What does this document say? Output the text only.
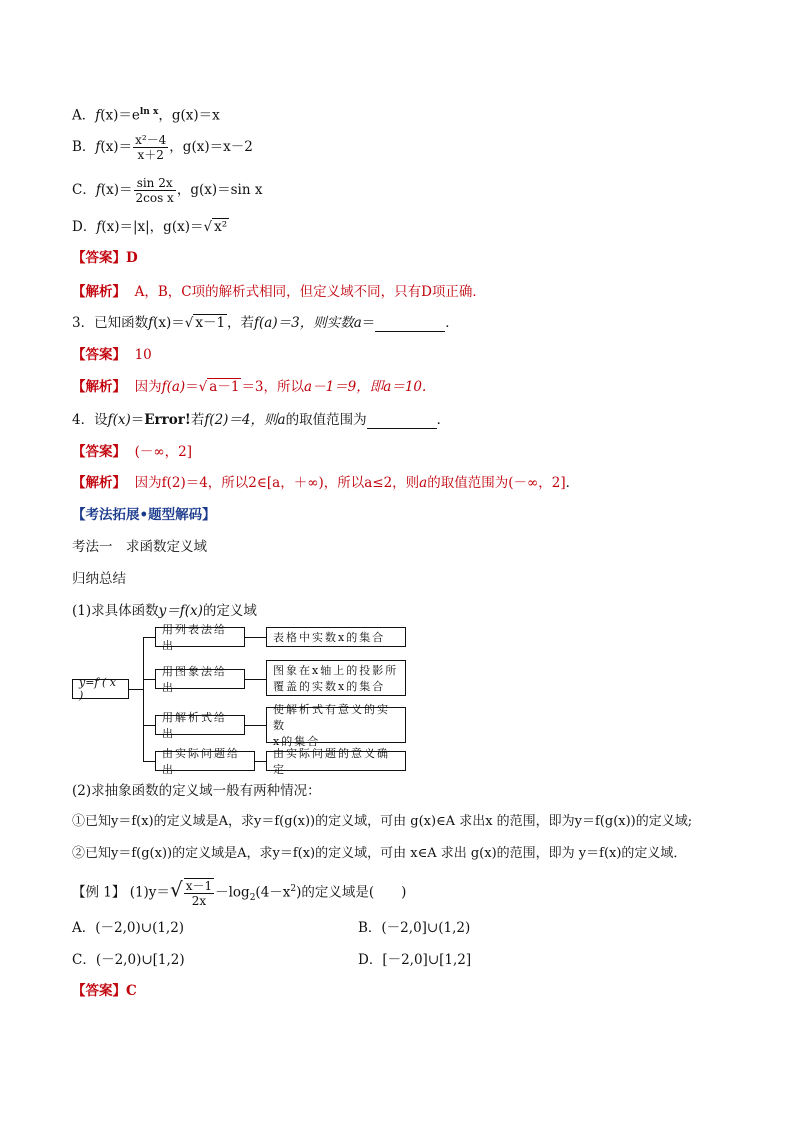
A．$f(x)=e^{ln x}$，g(x)＝x
B．$f(x)= \frac{\text{x²－4}}{x+2}$ ，g(x)＝x－2
C．$f(x)= \frac{\sin 2x}{\text{2cos x}}$ ，g(x)＝sin x
D．f(x)＝|x|，g(x)＝√ x²
【答案】D
【解析】 A，B，C项的解析式相同，但定义域不同，只有D项正确．
3．已知函数f(x)＝√ x－1 ，若f(a)＝3，则实数a＝	．
【答案】 10
【解析】 因为f(a)＝√ a－1 ＝3，所以a－1＝9，即a＝10.
4．设f(x)＝Error!若f(2)＝4，则a的取值范围为	．
【答案】 (－∞，2]
【解析】 因为f(2)＝4，所以2∈[a，＋∞)，所以a≤2，则a的取值范围为(－∞，2]．
【考法拓展•题型解码】
考法一　求函数定义域
归纳总结
(1)求具体函数y＝f(x)的定义域
y=f ( x )
用列表法给出
用图象法给出
用解析式给出
由实际问题给出
表格中实数x的集合
图象在x轴上的投影所
覆盖的实数x的集合
使解析式有意义的实数
x的集合
由实际问题的意义确定
(2)求抽象函数的定义域一般有两种情况：
①已知y＝f(x)的定义域是A，求y＝f(g(x))的定义域，可由 g(x)∈A 求出x 的范围，即为y＝f(g(x))的定义域;
②已知y＝f(g(x))的定义域是A，求y＝f(x)的定义域，可由 x∈A 求出 g(x)的范围，即为 y＝f(x)的定义域．
【例 1】 $(1)y=√ \frac{x-1}{2x} -\log_2(4-x^2)$的定义域是(　　)
A．(－2,0)∪(1,2)	B．(－2,0]∪(1,2)
C．(－2,0)∪[1,2)	D．[－2,0]∪[1,2]
【答案】C
